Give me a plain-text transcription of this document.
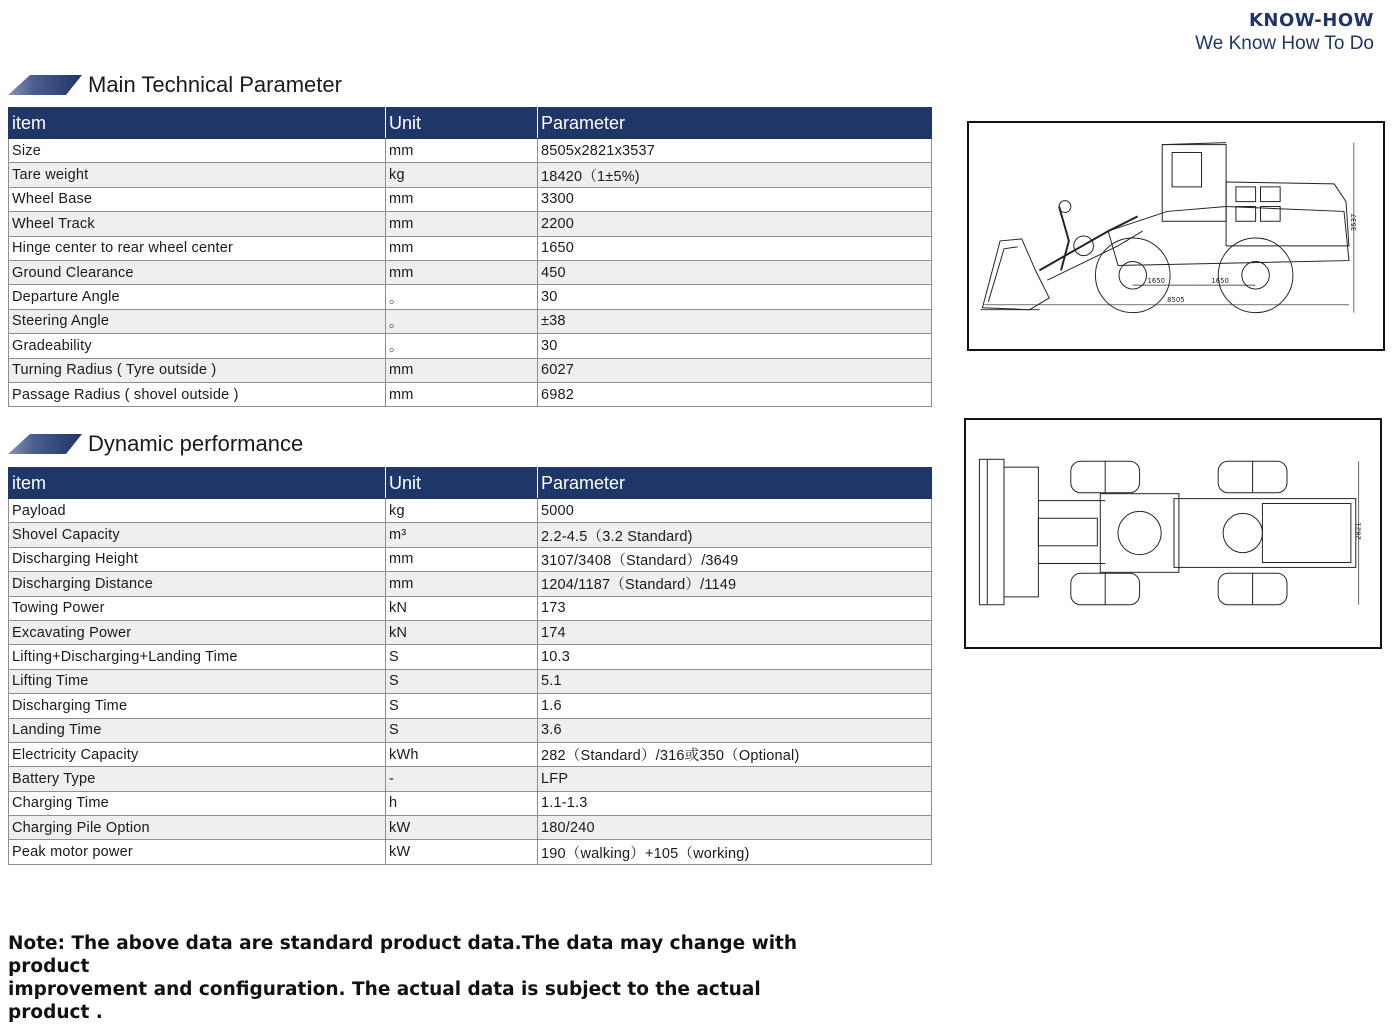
KNOW-HOW
We Know How To Do
Main Technical Parameter
item	Unit	Parameter
Size	mm	8505x2821x3537
Tare weight	kg	18420（1±5%)
Wheel Base	mm	3300
Wheel Track	mm	2200
Hinge center to rear wheel center	mm	1650
Ground Clearance	mm	450
Departure Angle	。	30
Steering Angle	。	±38
Gradeability	。	30
Turning Radius ( Tyre outside )	mm	6027
Passage Radius ( shovel outside )	mm	6982
Dynamic performance
item	Unit	Parameter
Payload	kg	5000
Shovel Capacity	m³	2.2-4.5（3.2 Standard)
Discharging Height	mm	3107/3408（Standard）/3649
Discharging Distance	mm	1204/1187（Standard）/1149
Towing Power	kN	173
Excavating Power	kN	174
Lifting+Discharging+Landing Time	S	10.3
Lifting Time	S	5.1
Discharging Time	S	1.6
Landing Time	S	3.6
Electricity Capacity	kWh	282（Standard）/316或350（Optional)
Battery Type	-	LFP
Charging Time	h	1.1-1.3
Charging Pile Option	kW	180/240
Peak motor power	kW	190（walking）+105（working)
3537
8505
1650	1650
2821
Note: The above data are standard product data.The data may change with product
improvement and configuration. The actual data is subject to the actual product .
